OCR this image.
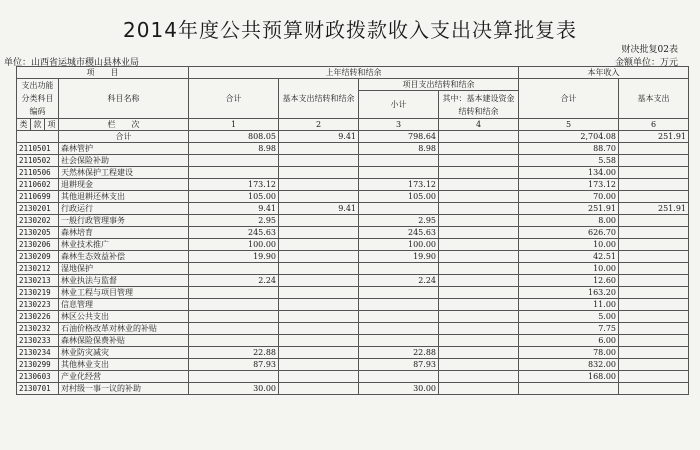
2014年度公共预算财政拨款收入支出决算批复表
财决批复02表
单位：山西省运城市稷山县林业局	金额单位：万元
项　　目				上年结转和结余				本年收入	
支出功能分类科目编码			科目名称	合计	基本支出结转和结余	项目支出结转和结余		合计	基本支出
						小计	其中：基本建设资金结转和结余		
类	款	项	栏　　次	1	2	3	4	5	6
			合计	808.05	9.41	798.64		2,704.08	251.91
2110501			森林管护	8.98		8.98		88.70	
2110502			社会保险补助					5.58	
2110506			天然林保护工程建设					134.00	
2110602			退耕现金	173.12		173.12		173.12	
2110699			其他退耕还林支出	105.00		105.00		70.00	
2130201			行政运行	9.41	9.41			251.91	251.91
2130202			一般行政管理事务	2.95		2.95		8.00	
2130205			森林培育	245.63		245.63		626.70	
2130206			林业技术推广	100.00		100.00		10.00	
2130209			森林生态效益补偿	19.90		19.90		42.51	
2130212			湿地保护					10.00	
2130213			林业执法与监督	2.24		2.24		12.60	
2130219			林业工程与项目管理					163.20	
2130223			信息管理					11.00	
2130226			林区公共支出					5.00	
2130232			石油价格改革对林业的补贴					7.75	
2130233			森林保险保费补贴					6.00	
2130234			林业防灾减灾	22.88		22.88		78.00	
2130299			其他林业支出	87.93		87.93		832.00	
2130603			产业化经营					168.00	
2130701			对村级一事一议的补助	30.00		30.00			
